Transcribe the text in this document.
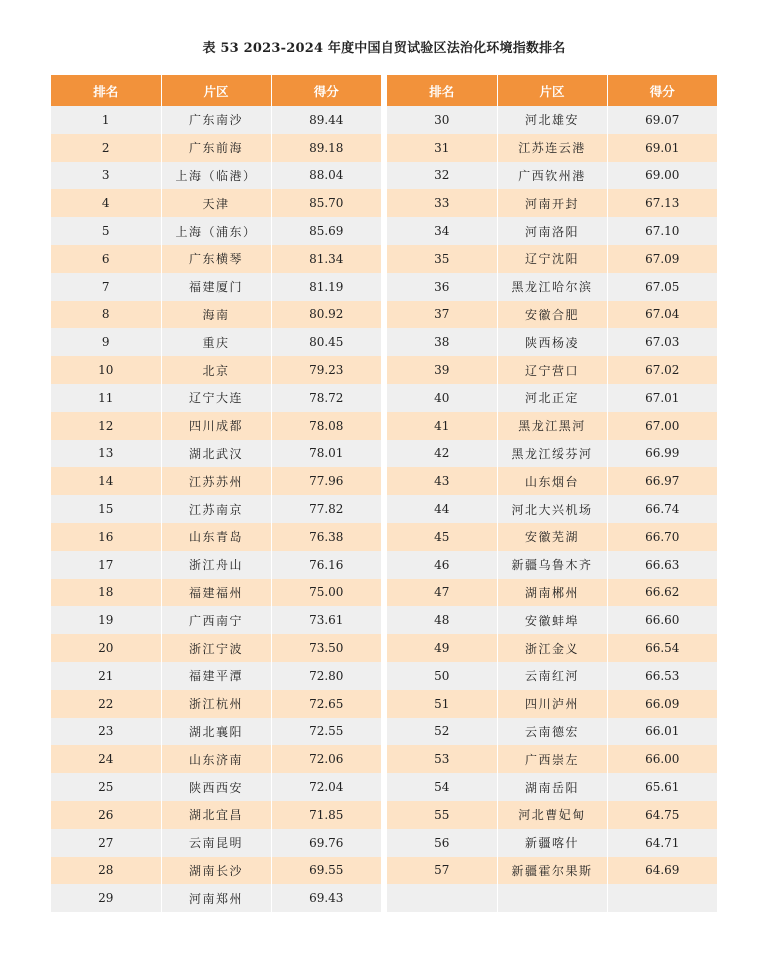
表 53 2023-2024 年度中国自贸试验区法治化环境指数排名
排名	片区	得分
1	广东南沙	89.44
2	广东前海	89.18
3	上海（临港）	88.04
4	天津	85.70
5	上海（浦东）	85.69
6	广东横琴	81.34
7	福建厦门	81.19
8	海南	80.92
9	重庆	80.45
10	北京	79.23
11	辽宁大连	78.72
12	四川成都	78.08
13	湖北武汉	78.01
14	江苏苏州	77.96
15	江苏南京	77.82
16	山东青岛	76.38
17	浙江舟山	76.16
18	福建福州	75.00
19	广西南宁	73.61
20	浙江宁波	73.50
21	福建平潭	72.80
22	浙江杭州	72.65
23	湖北襄阳	72.55
24	山东济南	72.06
25	陕西西安	72.04
26	湖北宜昌	71.85
27	云南昆明	69.76
28	湖南长沙	69.55
29	河南郑州	69.43
排名	片区	得分
30	河北雄安	69.07
31	江苏连云港	69.01
32	广西钦州港	69.00
33	河南开封	67.13
34	河南洛阳	67.10
35	辽宁沈阳	67.09
36	黑龙江哈尔滨	67.05
37	安徽合肥	67.04
38	陕西杨凌	67.03
39	辽宁营口	67.02
40	河北正定	67.01
41	黑龙江黑河	67.00
42	黑龙江绥芬河	66.99
43	山东烟台	66.97
44	河北大兴机场	66.74
45	安徽芜湖	66.70
46	新疆乌鲁木齐	66.63
47	湖南郴州	66.62
48	安徽蚌埠	66.60
49	浙江金义	66.54
50	云南红河	66.53
51	四川泸州	66.09
52	云南德宏	66.01
53	广西崇左	66.00
54	湖南岳阳	65.61
55	河北曹妃甸	64.75
56	新疆喀什	64.71
57	新疆霍尔果斯	64.69
